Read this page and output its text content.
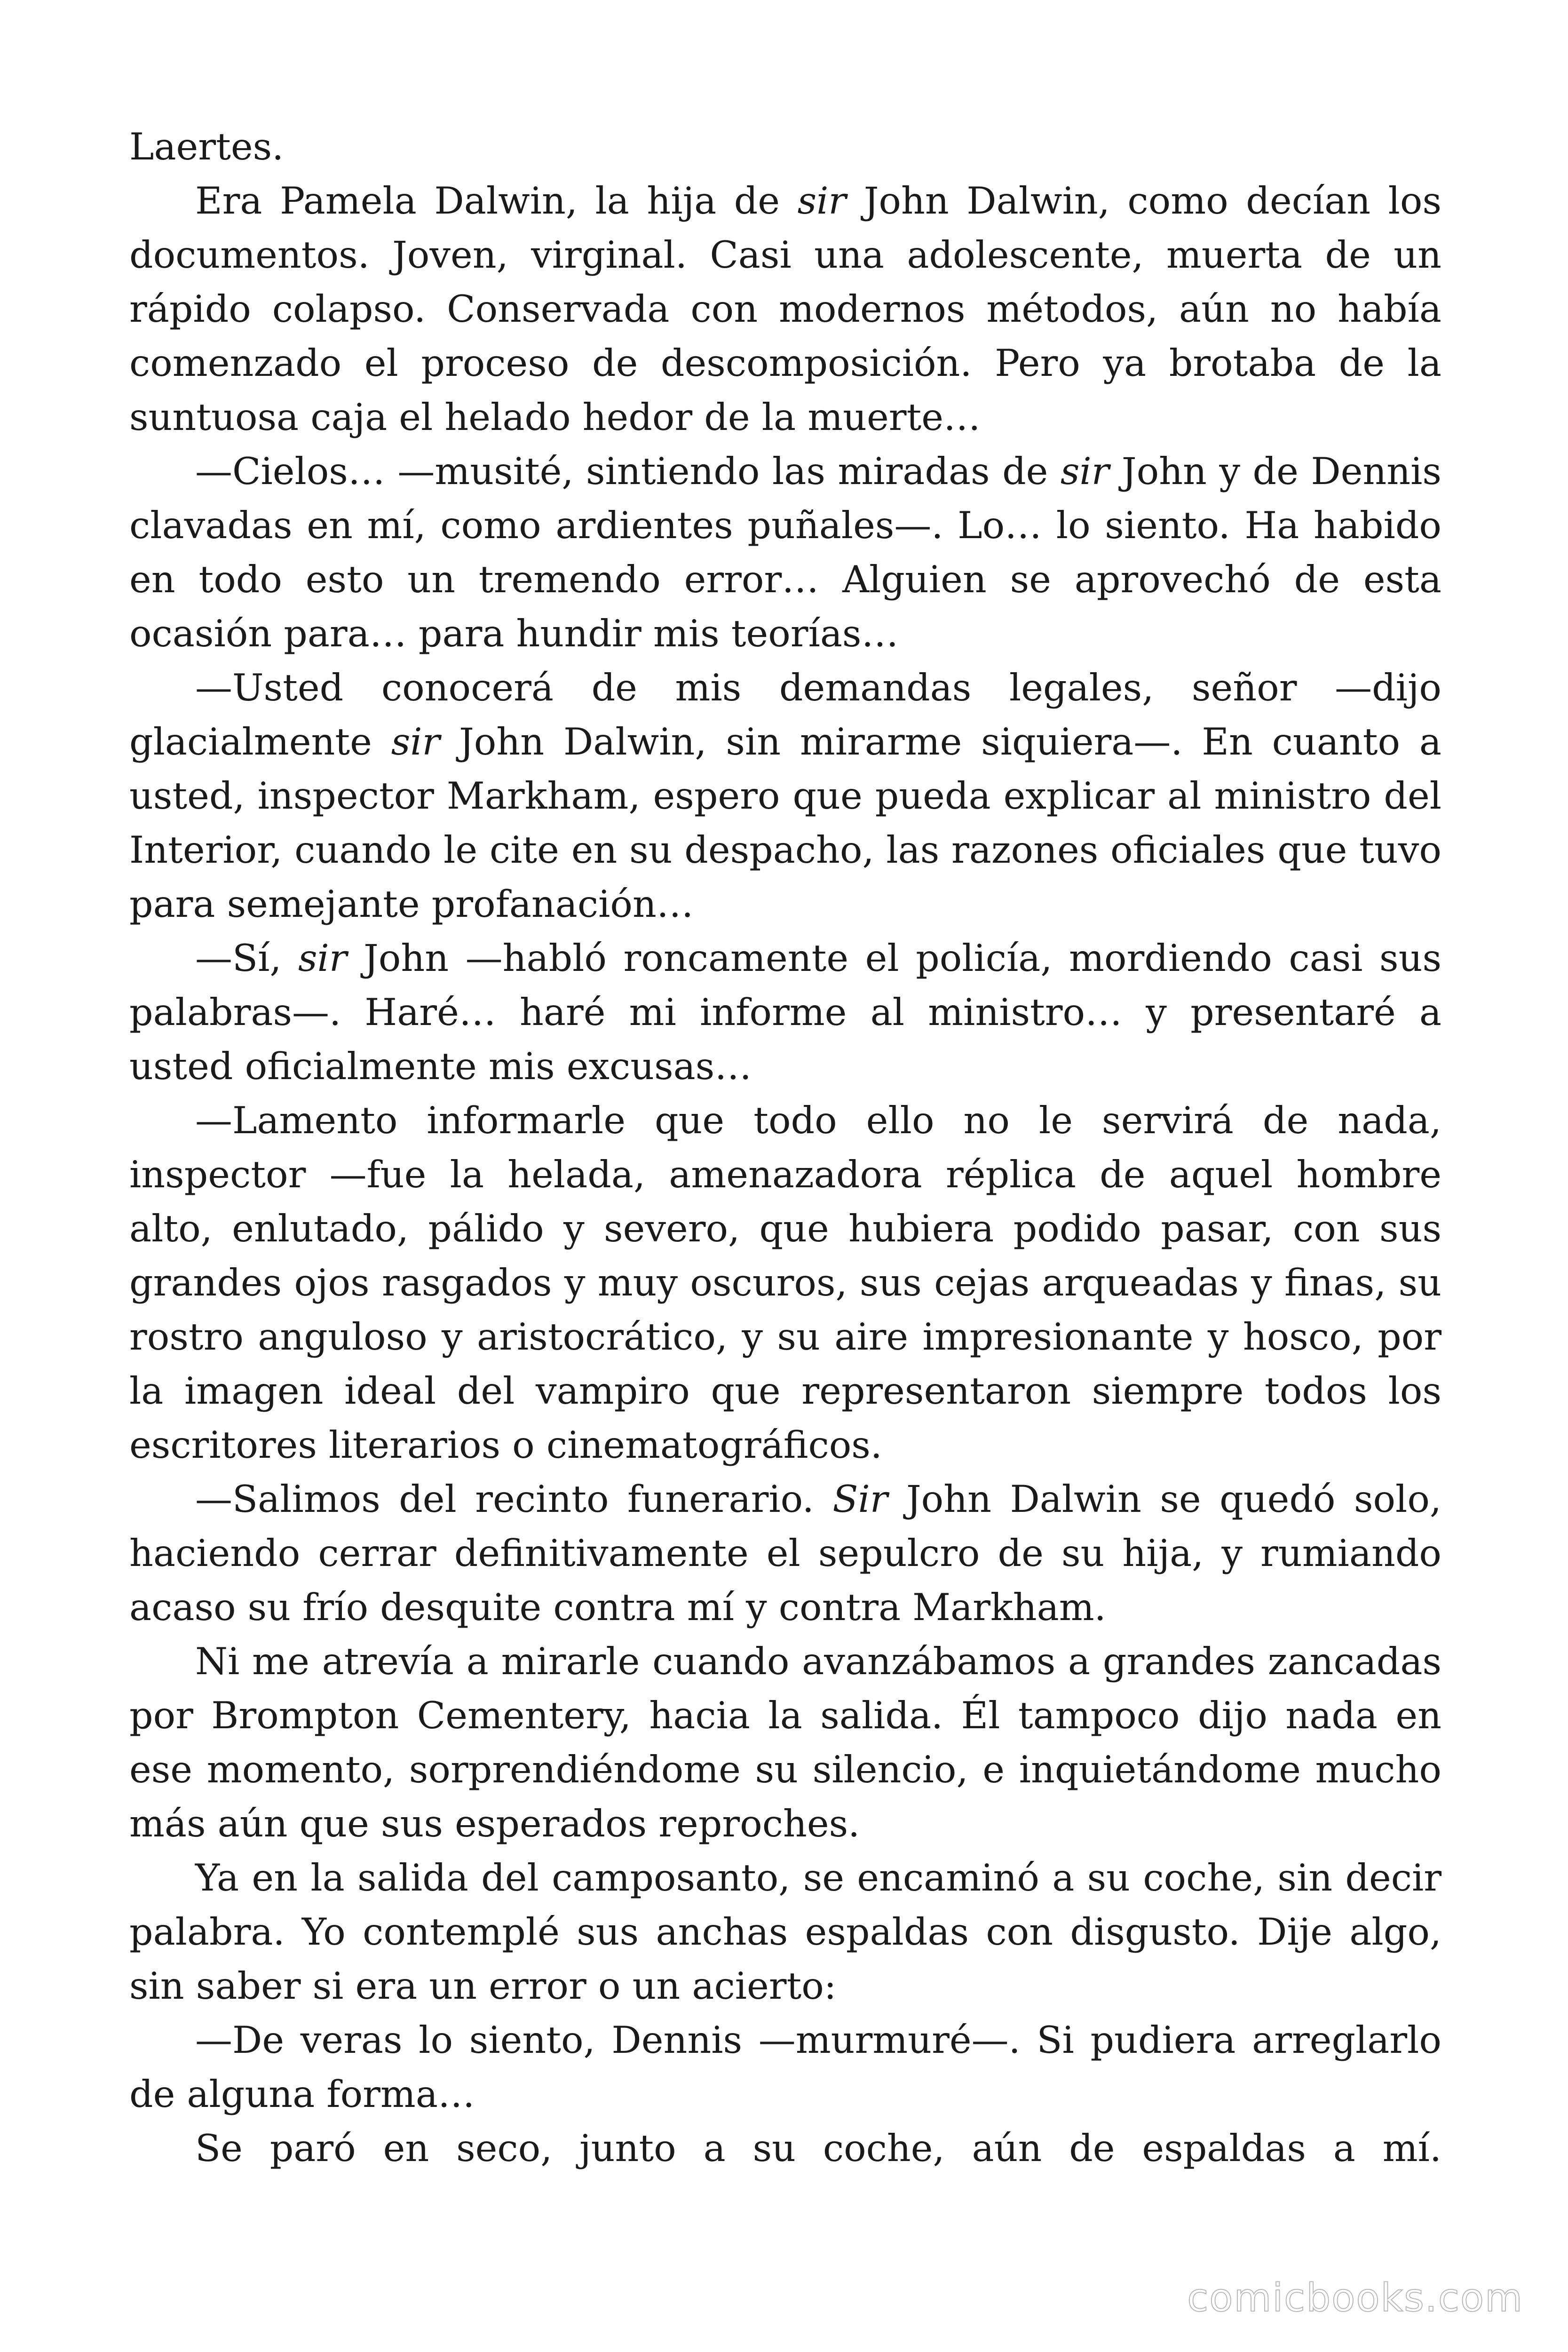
Laertes.

Era Pamela Dalwin, la hija de sir John Dalwin, como decían los documentos. Joven, virginal. Casi una adolescente, muerta de un rápido colapso. Conservada con modernos métodos, aún no había comenzado el proceso de descomposición. Pero ya brotaba de la suntuosa caja el helado hedor de la muerte…

—Cielos… —musité, sintiendo las miradas de sir John y de Dennis clavadas en mí, como ardientes puñales—. Lo… lo siento. Ha habido en todo esto un tremendo error… Alguien se aprovechó de esta ocasión para… para hundir mis teorías…

—Usted conocerá de mis demandas legales, señor —dijo glacialmente sir John Dalwin, sin mirarme siquiera—. En cuanto a usted, inspector Markham, espero que pueda explicar al ministro del Interior, cuando le cite en su despacho, las razones oficiales que tuvo para semejante profanación…

—Sí, sir John —habló roncamente el policía, mordiendo casi sus palabras—. Haré… haré mi informe al ministro… y presentaré a usted oficialmente mis excusas…

—Lamento informarle que todo ello no le servirá de nada, inspector —fue la helada, amenazadora réplica de aquel hombre alto, enlutado, pálido y severo, que hubiera podido pasar, con sus grandes ojos rasgados y muy oscuros, sus cejas arqueadas y finas, su rostro anguloso y aristocrático, y su aire impresionante y hosco, por la imagen ideal del vampiro que representaron siempre todos los escritores literarios o cinematográficos.

—Salimos del recinto funerario. Sir John Dalwin se quedó solo, haciendo cerrar definitivamente el sepulcro de su hija, y rumiando acaso su frío desquite contra mí y contra Markham.

Ni me atrevía a mirarle cuando avanzábamos a grandes zancadas por Brompton Cementery, hacia la salida. Él tampoco dijo nada en ese momento, sorprendiéndome su silencio, e inquietándome mucho más aún que sus esperados reproches.

Ya en la salida del camposanto, se encaminó a su coche, sin decir palabra. Yo contemplé sus anchas espaldas con disgusto. Dije algo, sin saber si era un error o un acierto:

—De veras lo siento, Dennis —murmuré—. Si pudiera arreglarlo de alguna forma…

Se paró en seco, junto a su coche, aún de espaldas a mí.

comicbooks.com
